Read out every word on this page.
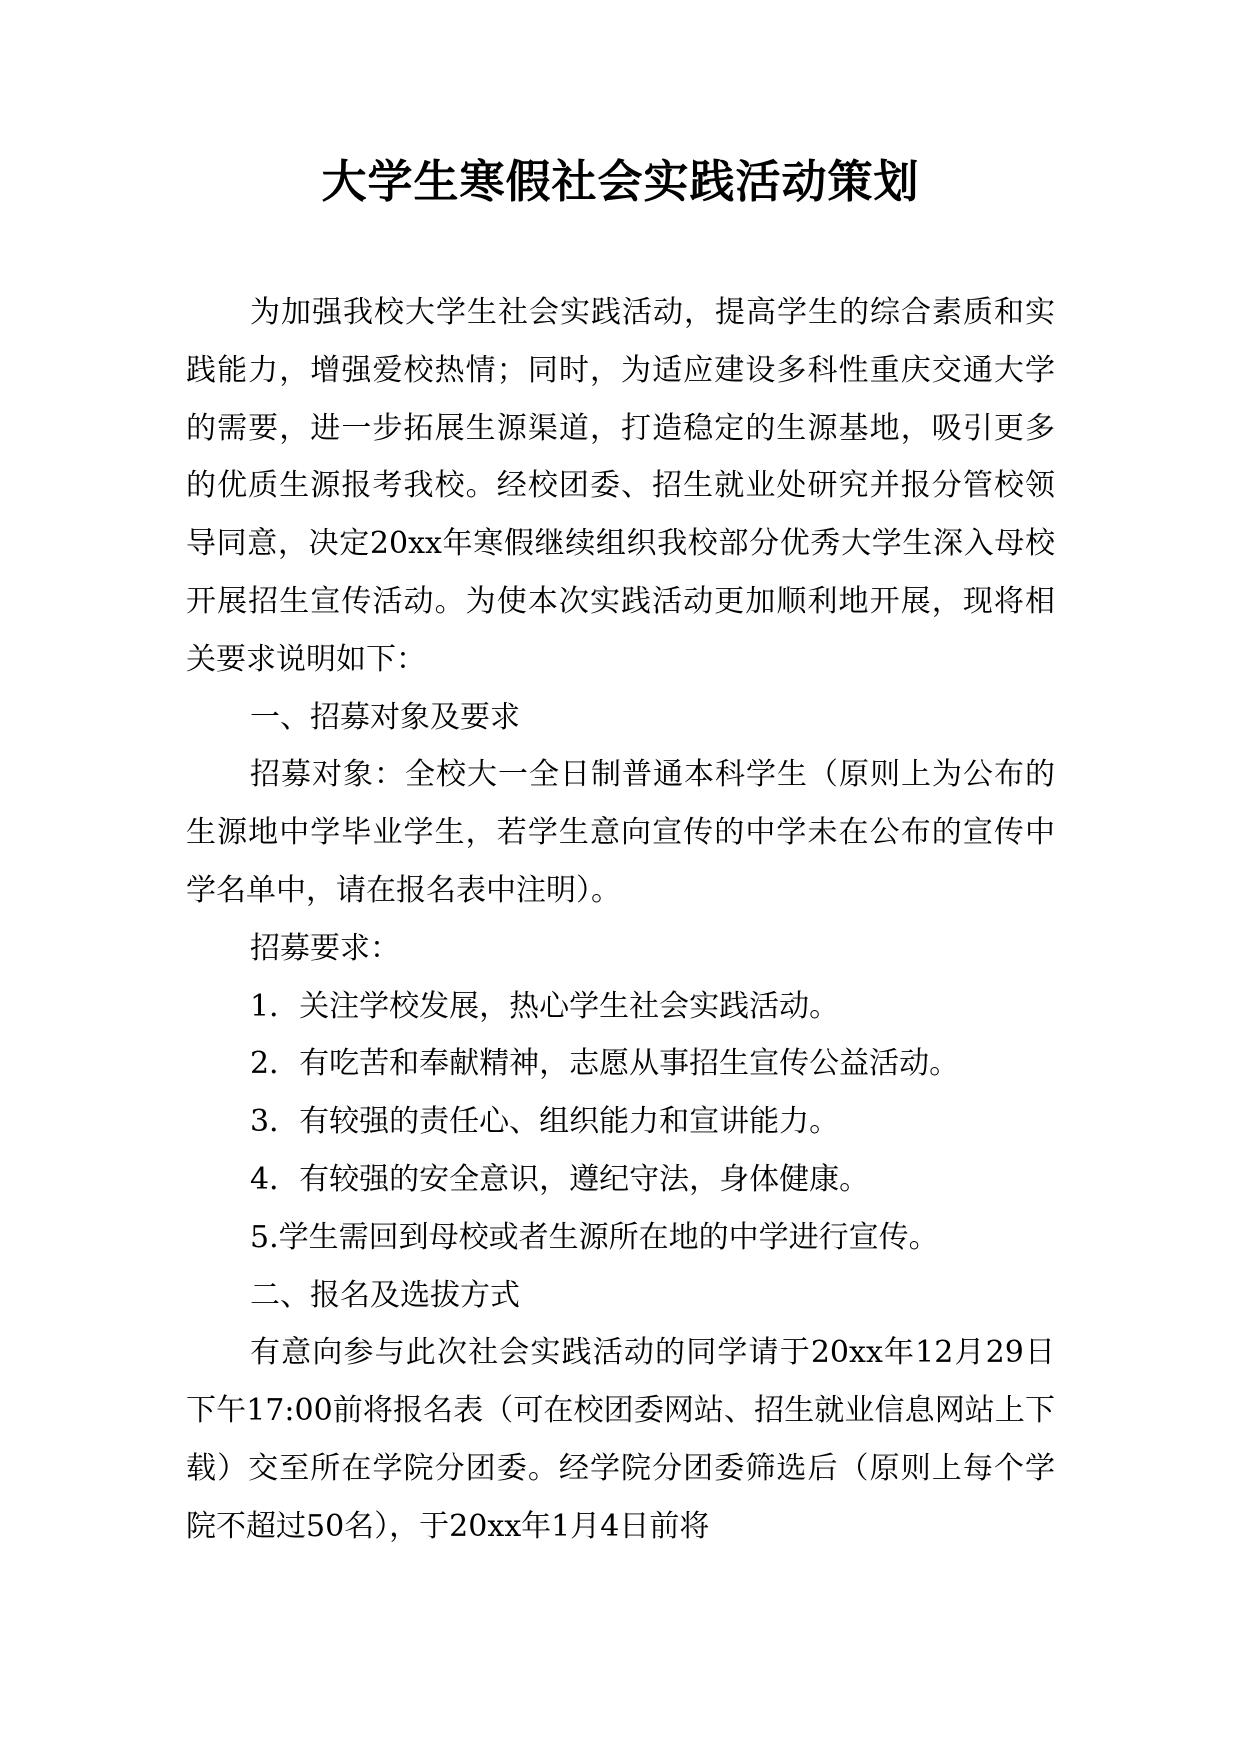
大学生寒假社会实践活动策划

为加强我校大学生社会实践活动，提高学生的综合素质和实践能力，增强爱校热情；同时，为适应建设多科性重庆交通大学的需要，进一步拓展生源渠道，打造稳定的生源基地，吸引更多的优质生源报考我校。经校团委、招生就业处研究并报分管校领导同意，决定20xx年寒假继续组织我校部分优秀大学生深入母校开展招生宣传活动。为使本次实践活动更加顺利地开展，现将相关要求说明如下：

一、招募对象及要求

招募对象：全校大一全日制普通本科学生（原则上为公布的生源地中学毕业学生，若学生意向宣传的中学未在公布的宣传中学名单中，请在报名表中注明）。

招募要求：

1．关注学校发展，热心学生社会实践活动。

2．有吃苦和奉献精神，志愿从事招生宣传公益活动。

3．有较强的责任心、组织能力和宣讲能力。

4．有较强的安全意识，遵纪守法，身体健康。

5.学生需回到母校或者生源所在地的中学进行宣传。

二、报名及选拔方式

有意向参与此次社会实践活动的同学请于20xx年12月29日下午17:00前将报名表（可在校团委网站、招生就业信息网站上下载）交至所在学院分团委。经学院分团委筛选后（原则上每个学院不超过50名），于20xx年1月4日前将
